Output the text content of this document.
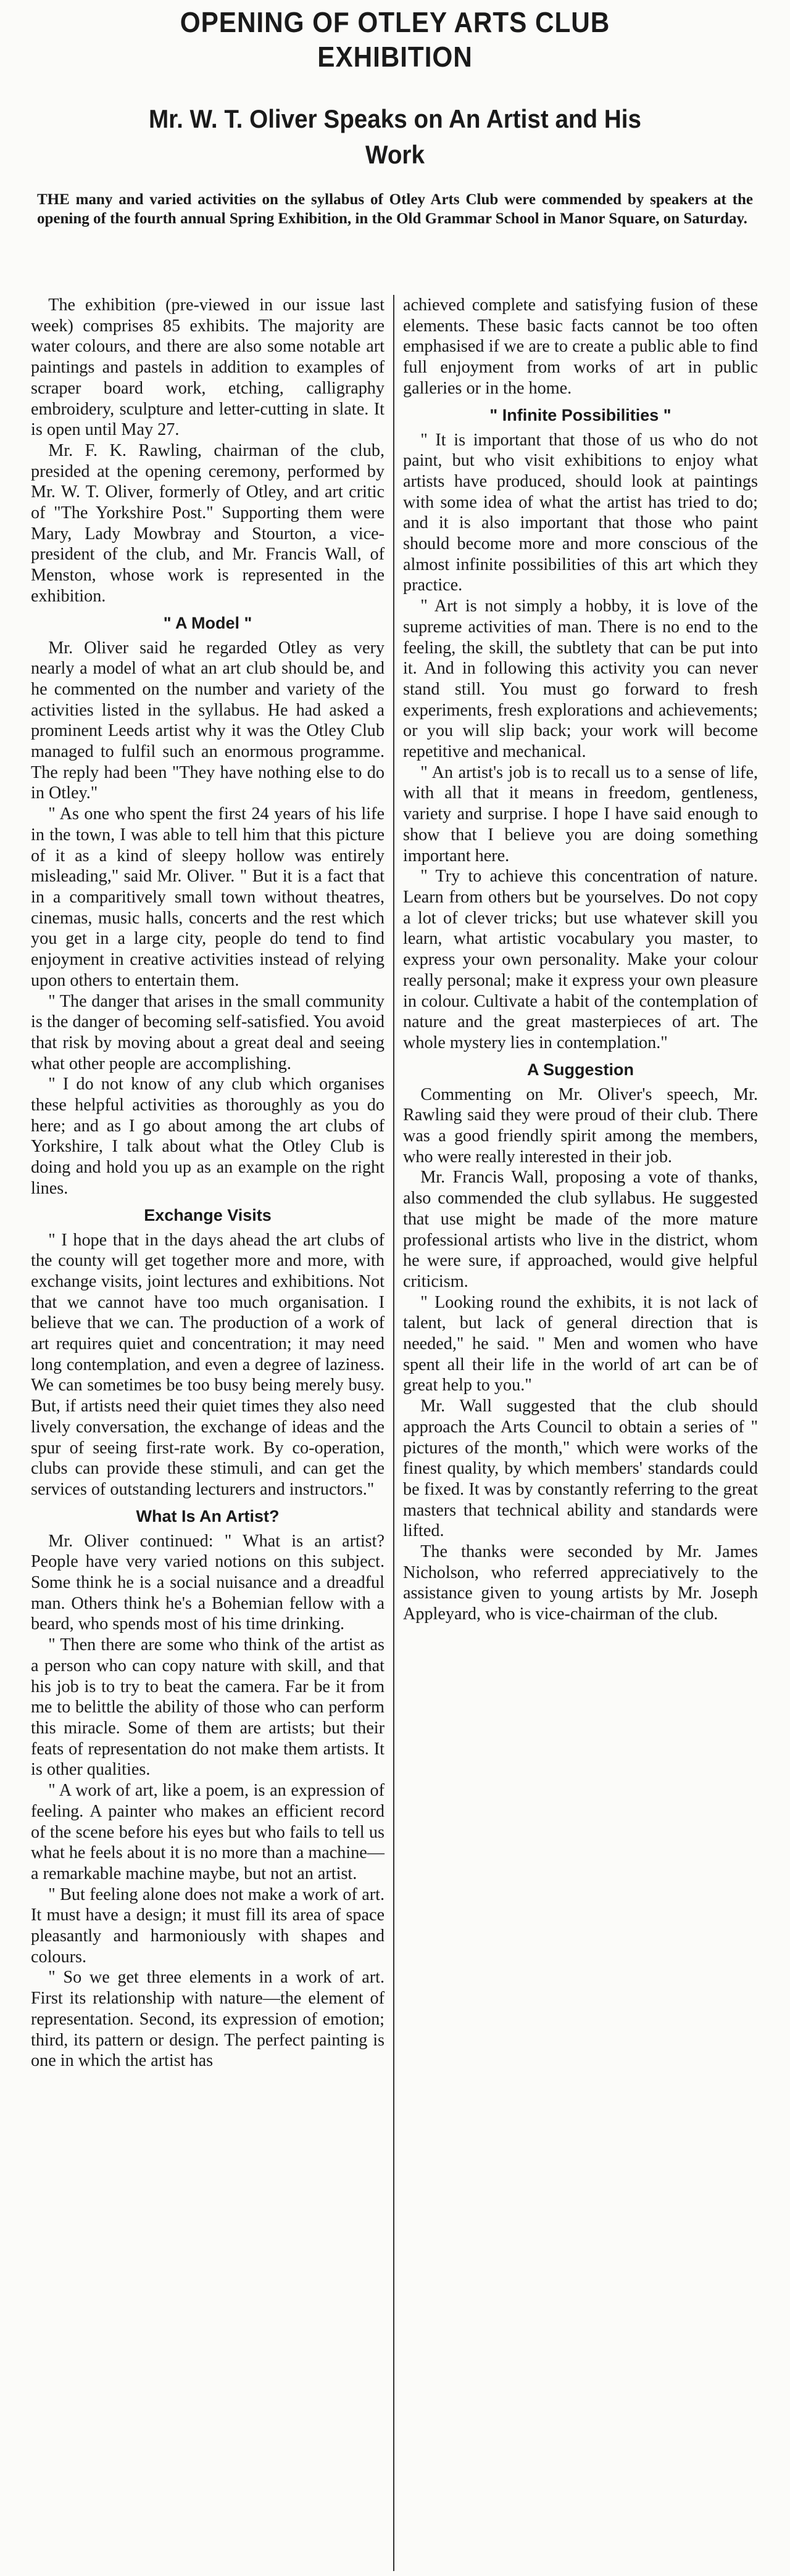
OPENING OF OTLEY ARTS CLUB EXHIBITION
Mr. W. T. Oliver Speaks on An Artist and His Work

THE many and varied activities on the syllabus of Otley Arts Club were commended by speakers at the opening of the fourth annual Spring Exhibition, in the Old Grammar School in Manor Square, on Saturday.

The exhibition (pre-viewed in our issue last week) comprises 85 exhibits. The majority are water colours, and there are also some notable art paintings and pastels in addition to examples of scraper board work, etching, calligraphy embroidery, sculpture and letter-cutting in slate. It is open until May 27.

Mr. F. K. Rawling, chairman of the club, presided at the opening ceremony, performed by Mr. W. T. Oliver, formerly of Otley, and art critic of "The Yorkshire Post." Supporting them were Mary, Lady Mowbray and Stourton, a vice-president of the club, and Mr. Francis Wall, of Menston, whose work is represented in the exhibition.

" A Model "

Mr. Oliver said he regarded Otley as very nearly a model of what an art club should be, and he commented on the number and variety of the activities listed in the syllabus. He had asked a prominent Leeds artist why it was the Otley Club managed to fulfil such an enormous programme. The reply had been "They have nothing else to do in Otley."

" As one who spent the first 24 years of his life in the town, I was able to tell him that this picture of it as a kind of sleepy hollow was entirely misleading," said Mr. Oliver. " But it is a fact that in a comparitively small town without theatres, cinemas, music halls, concerts and the rest which you get in a large city, people do tend to find enjoyment in creative activities instead of relying upon others to entertain them.

" The danger that arises in the small community is the danger of becoming self-satisfied. You avoid that risk by moving about a great deal and seeing what other people are accomplishing.

" I do not know of any club which organises these helpful activities as thoroughly as you do here; and as I go about among the art clubs of Yorkshire, I talk about what the Otley Club is doing and hold you up as an example on the right lines.

Exchange Visits

" I hope that in the days ahead the art clubs of the county will get together more and more, with exchange visits, joint lectures and exhibitions. Not that we cannot have too much organisation. I believe that we can. The production of a work of art requires quiet and concentration; it may need long contemplation, and even a degree of laziness. We can sometimes be too busy being merely busy. But, if artists need their quiet times they also need lively conversation, the exchange of ideas and the spur of seeing first-rate work. By co-operation, clubs can provide these stimuli, and can get the services of outstanding lecturers and instructors."

What Is An Artist?

Mr. Oliver continued: " What is an artist? People have very varied notions on this subject. Some think he is a social nuisance and a dreadful man. Others think he's a Bohemian fellow with a beard, who spends most of his time drinking.

" Then there are some who think of the artist as a person who can copy nature with skill, and that his job is to try to beat the camera. Far be it from me to belittle the ability of those who can perform this miracle. Some of them are artists; but their feats of representation do not make them artists. It is other qualities.

" A work of art, like a poem, is an expression of feeling. A painter who makes an efficient record of the scene before his eyes but who fails to tell us what he feels about it is no more than a machine—a remarkable machine maybe, but not an artist.

" But feeling alone does not make a work of art. It must have a design; it must fill its area of space pleasantly and harmoniously with shapes and colours.

" So we get three elements in a work of art. First its relationship with nature—the element of representation. Second, its expression of emotion; third, its pattern or design. The perfect painting is one in which the artist has

achieved complete and satisfying fusion of these elements. These basic facts cannot be too often emphasised if we are to create a public able to find full enjoyment from works of art in public galleries or in the home.

" Infinite Possibilities "

" It is important that those of us who do not paint, but who visit exhibitions to enjoy what artists have produced, should look at paintings with some idea of what the artist has tried to do; and it is also important that those who paint should become more and more conscious of the almost infinite possibilities of this art which they practice.

" Art is not simply a hobby, it is love of the supreme activities of man. There is no end to the feeling, the skill, the subtlety that can be put into it. And in following this activity you can never stand still. You must go forward to fresh experiments, fresh explorations and achievements; or you will slip back; your work will become repetitive and mechanical.

" An artist's job is to recall us to a sense of life, with all that it means in freedom, gentleness, variety and surprise. I hope I have said enough to show that I believe you are doing something important here.

" Try to achieve this concentration of nature. Learn from others but be yourselves. Do not copy a lot of clever tricks; but use whatever skill you learn, what artistic vocabulary you master, to express your own personality. Make your colour really personal; make it express your own pleasure in colour. Cultivate a habit of the contemplation of nature and the great masterpieces of art. The whole mystery lies in contemplation."

A Suggestion

Commenting on Mr. Oliver's speech, Mr. Rawling said they were proud of their club. There was a good friendly spirit among the members, who were really interested in their job.

Mr. Francis Wall, proposing a vote of thanks, also commended the club syllabus. He suggested that use might be made of the more mature professional artists who live in the district, whom he were sure, if approached, would give helpful criticism.

" Looking round the exhibits, it is not lack of talent, but lack of general direction that is needed," he said. " Men and women who have spent all their life in the world of art can be of great help to you."

Mr. Wall suggested that the club should approach the Arts Council to obtain a series of " pictures of the month," which were works of the finest quality, by which members' standards could be fixed. It was by constantly referring to the great masters that technical ability and standards were lifted.

The thanks were seconded by Mr. James Nicholson, who referred appreciatively to the assistance given to young artists by Mr. Joseph Appleyard, who is vice-chairman of the club.
